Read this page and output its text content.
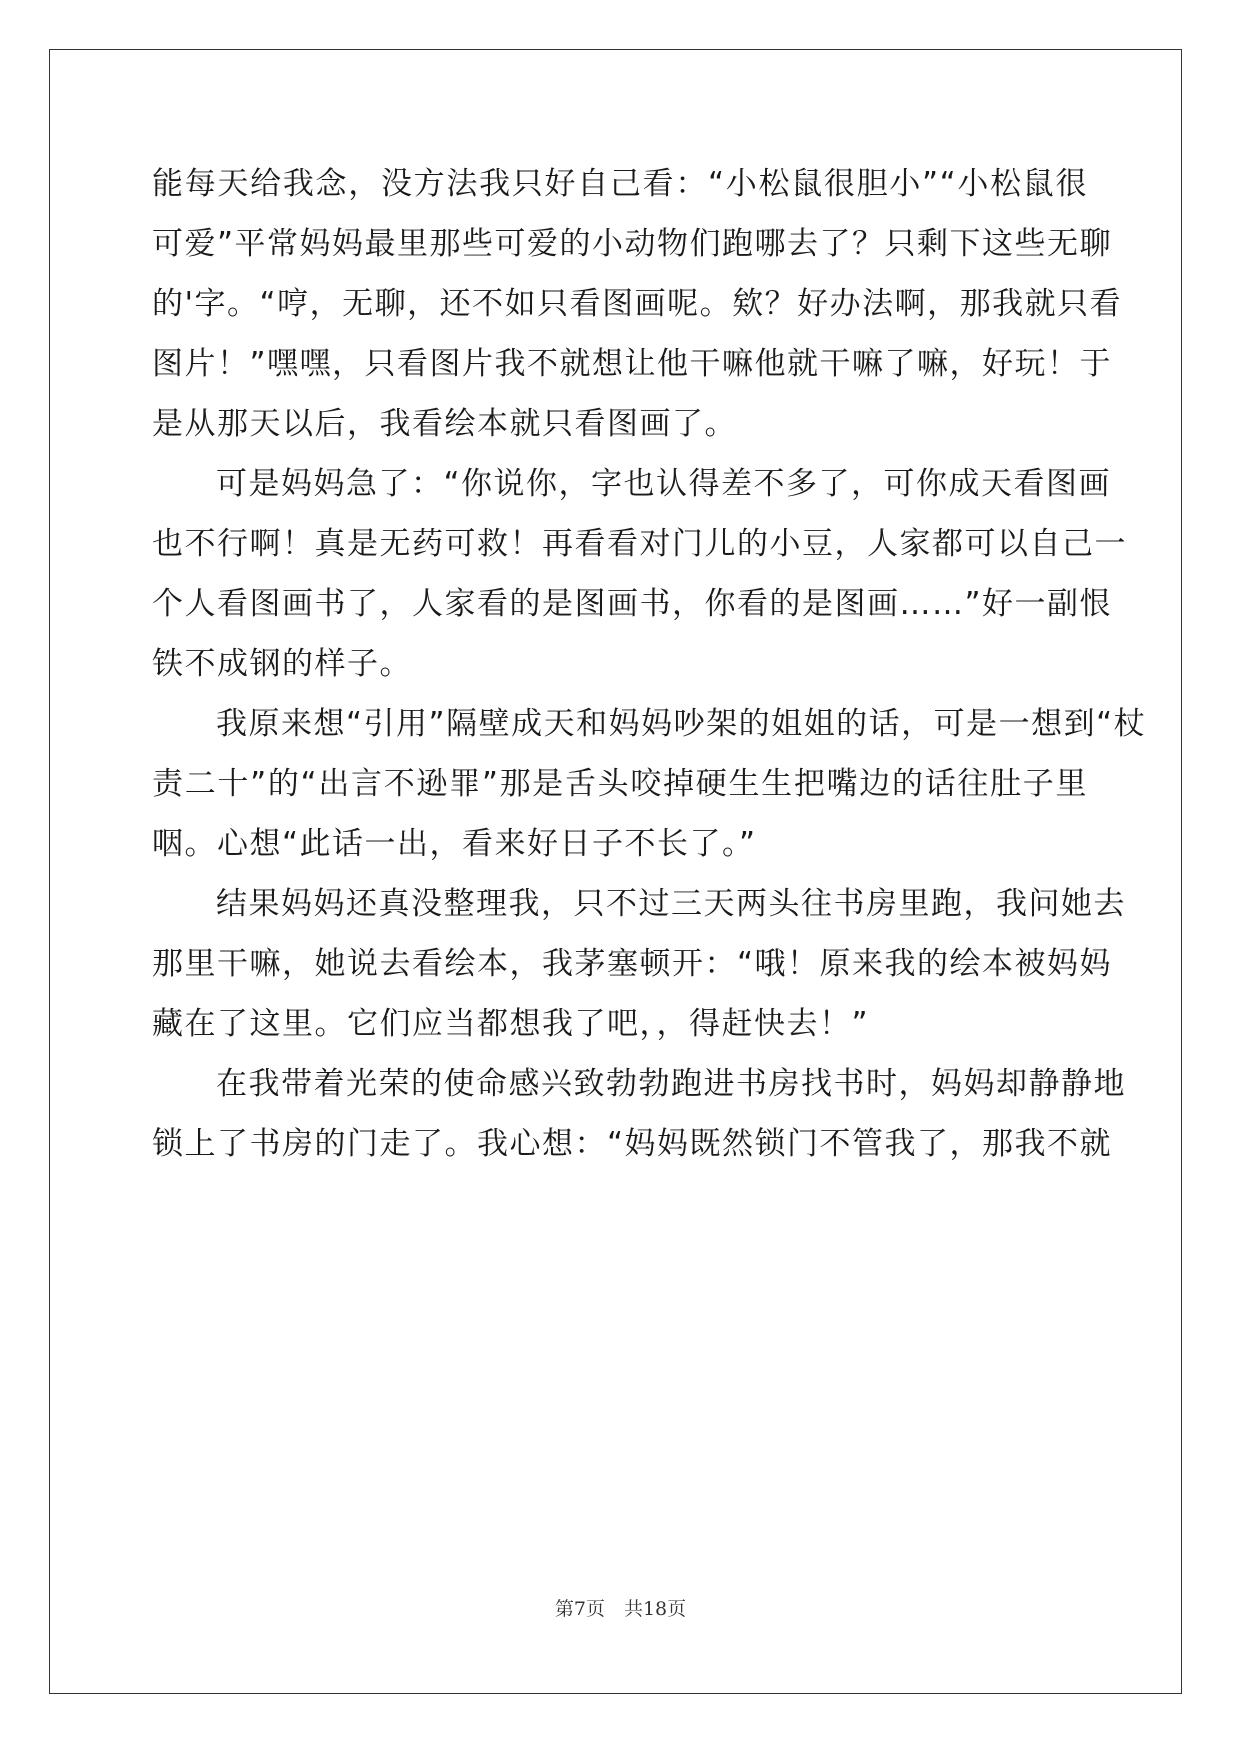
能每天给我念，没方法我只好自己看：“小松鼠很胆小”“小松鼠很
可爱”平常妈妈最里那些可爱的小动物们跑哪去了？只剩下这些无聊
的'字。“哼，无聊，还不如只看图画呢。欸？好办法啊，那我就只看
图片！”嘿嘿，只看图片我不就想让他干嘛他就干嘛了嘛，好玩！于
是从那天以后，我看绘本就只看图画了。
可是妈妈急了：“你说你，字也认得差不多了，可你成天看图画
也不行啊！真是无药可救！再看看对门儿的小豆，人家都可以自己一
个人看图画书了，人家看的是图画书，你看的是图画……”好一副恨
铁不成钢的样子。
我原来想“引用”隔壁成天和妈妈吵架的姐姐的话，可是一想到“杖
责二十”的“出言不逊罪”那是舌头咬掉硬生生把嘴边的话往肚子里
咽。心想“此话一出，看来好日子不长了。”
结果妈妈还真没整理我，只不过三天两头往书房里跑，我问她去
那里干嘛，她说去看绘本，我茅塞顿开：“哦！原来我的绘本被妈妈
藏在了这里。它们应当都想我了吧，，得赶快去！”
在我带着光荣的使命感兴致勃勃跑进书房找书时，妈妈却静静地
锁上了书房的门走了。我心想：“妈妈既然锁门不管我了，那我不就
第7页　共18页
